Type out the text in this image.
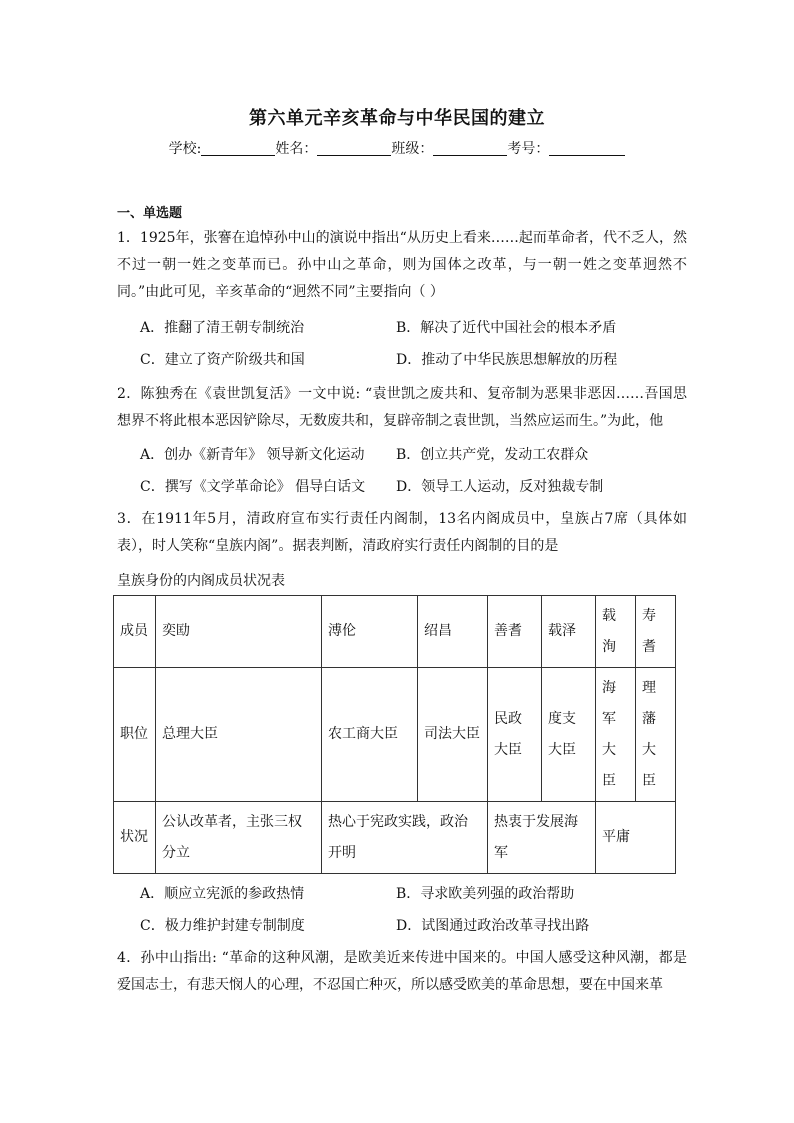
第六单元辛亥革命与中华民国的建立
学校:	姓名：	班级：	考号：
一、单选题
1．1925年，张謇在追悼孙中山的演说中指出“从历史上看来……起而革命者，代不乏人，然不过一朝一姓之变革而已。孙中山之革命，则为国体之改革，与一朝一姓之变革迥然不同。”由此可见，辛亥革命的“迥然不同”主要指向（ ）
A．推翻了清王朝专制统治	B．解决了近代中国社会的根本矛盾
C．建立了资产阶级共和国	D．推动了中华民族思想解放的历程
2．陈独秀在《袁世凯复活》一文中说: “袁世凯之废共和、复帝制为恶果非恶因……吾国思想界不将此根本恶因铲除尽，无数废共和，复辟帝制之袁世凯，当然应运而生。”为此，他
A．创办《新青年》 领导新文化运动 B．创立共产党，发动工农群众
C．撰写《文学革命论》 倡导白话文 D．领导工人运动，反对独裁专制
3．在1911年5月，清政府宣布实行责任内阁制，13名内阁成员中，皇族占7席（具体如表），时人笑称“皇族内阁”。据表判断，清政府实行责任内阁制的目的是
皇族身份的内阁成员状况表
成员	奕劻	溥伦	绍昌	善耆	载泽	载洵	寿耆
职位	总理大臣	农工商大臣	司法大臣	民政大臣	度支大臣	海军大臣	理藩大臣
状况	公认改革者，主张三权分立	热心于宪政实践，政治开明		热衷于发展海军		平庸	
A．顺应立宪派的参政热情	B．寻求欧美列强的政治帮助
C．极力维护封建专制制度	D．试图通过政治改革寻找出路
4．孙中山指出: “革命的这种风潮，是欧美近来传进中国来的。中国人感受这种风潮，都是爱国志士，有悲天悯人的心理，不忍国亡种灭，所以感受欧美的革命思想，要在中国来革
